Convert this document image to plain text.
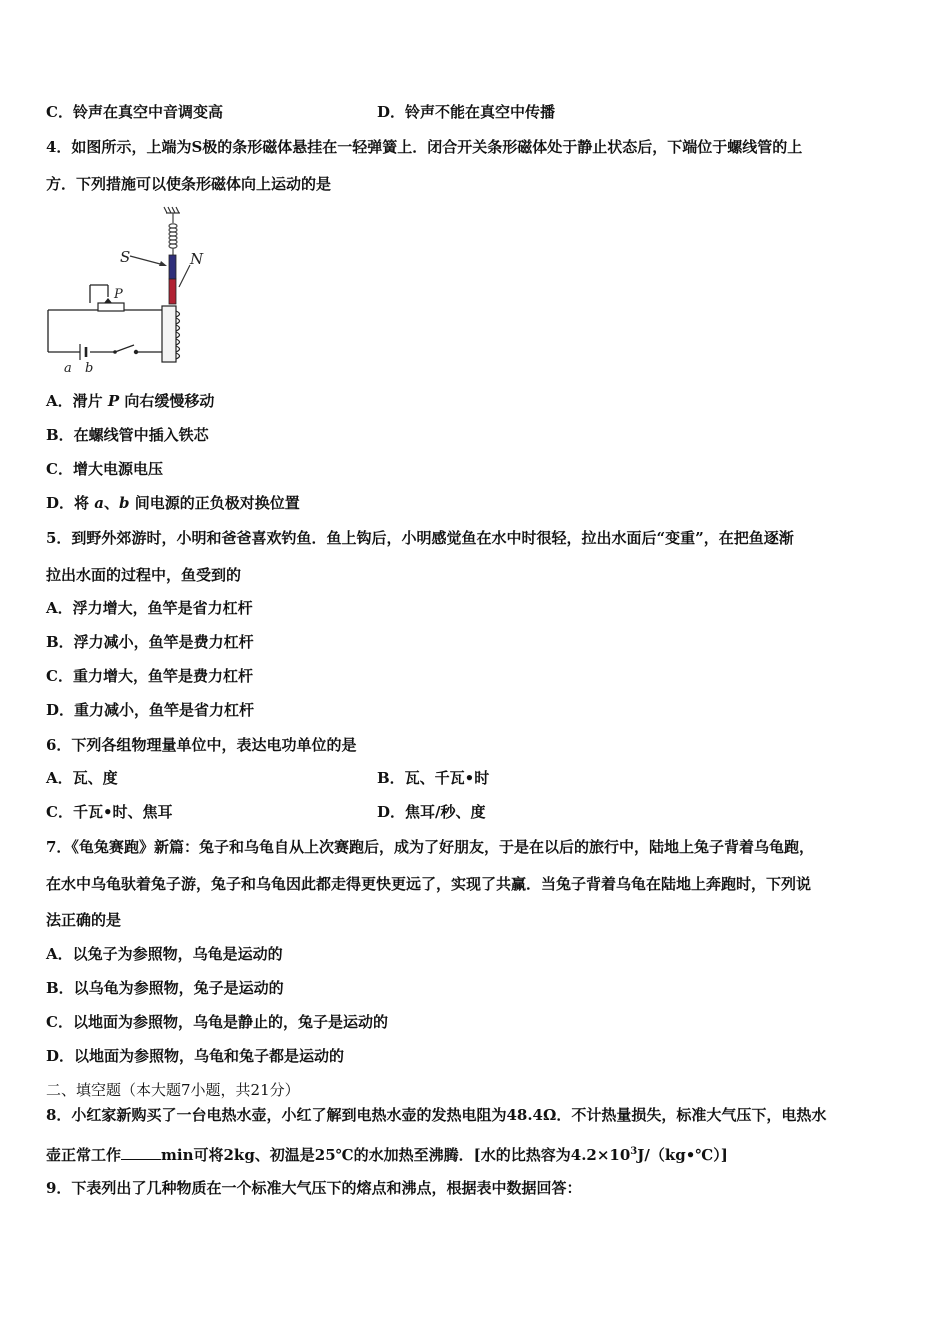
C．铃声在真空中音调变高	D．铃声不能在真空中传播
4．如图所示，上端为S极的条形磁体悬挂在一轻弹簧上．闭合开关条形磁体处于静止状态后，下端位于螺线管的上
方．下列措施可以使条形磁体向上运动的是
S	N
P
a b
A．滑片 P 向右缓慢移动
B．在螺线管中插入铁芯
C．增大电源电压
D．将 a、b 间电源的正负极对换位置
5．到野外郊游时，小明和爸爸喜欢钓鱼．鱼上钩后，小明感觉鱼在水中时很轻，拉出水面后“变重”，在把鱼逐渐
拉出水面的过程中，鱼受到的
A．浮力增大，鱼竿是省力杠杆
B．浮力减小，鱼竿是费力杠杆
C．重力增大，鱼竿是费力杠杆
D．重力减小，鱼竿是省力杠杆
6．下列各组物理量单位中，表达电功单位的是
A．瓦、度	B．瓦、千瓦•时
C．千瓦•时、焦耳	D．焦耳/秒、度
7．《龟兔赛跑》新篇：兔子和乌龟自从上次赛跑后，成为了好朋友，于是在以后的旅行中，陆地上兔子背着乌龟跑，
在水中乌龟驮着兔子游，兔子和乌龟因此都走得更快更远了，实现了共赢．当兔子背着乌龟在陆地上奔跑时，下列说
法正确的是
A．以兔子为参照物，乌龟是运动的
B．以乌龟为参照物，兔子是运动的
C．以地面为参照物，乌龟是静止的，兔子是运动的
D．以地面为参照物，乌龟和兔子都是运动的
二、填空题（本大题7小题，共21分）
8．小红家新购买了一台电热水壶，小红了解到电热水壶的发热电阻为48.4Ω．不计热量损失，标准大气压下，电热水
壶正常工作	min可将2kg、初温是25℃的水加热至沸腾．[水的比热容为$4.2\times 10^3J/(kg•℃)$]
9．下表列出了几种物质在一个标准大气压下的熔点和沸点，根据表中数据回答：
